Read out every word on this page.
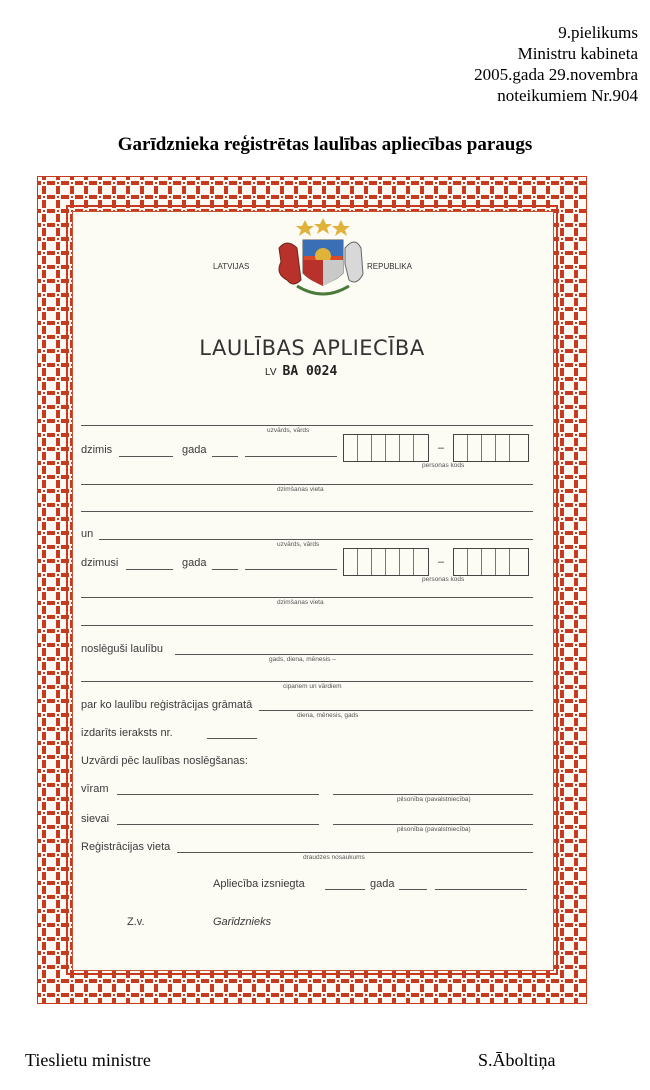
9.pielikums
Ministru kabineta
2005.gada 29.novembra
noteikumiem Nr.904
Garīdznieka reģistrētas laulības apliecības paraugs
LATVIJAS	REPUBLIKA
LAULĪBAS APLIECĪBA
LV BA 0024
uzvārds, vārds
dzimis	gada	–
personas kods
dzimšanas vieta
un
uzvārds, vārds
dzimusi	gada	–
personas kods
dzimšanas vieta
noslēguši laulību
gads, diena, mēnesis –
cipariem un vārdiem
par ko laulību reģistrācijas grāmatā
diena, mēnesis, gads
izdarīts ieraksts nr.
Uzvārdi pēc laulības noslēgšanas:
vīram
pilsonība (pavalstniecība)
sievai
pilsonība (pavalstniecība)
Reģistrācijas vieta
draudzes nosaukums
Apliecība izsniegta	gada
Z.v.	Garīdznieks
Tieslietu ministre	S.Āboltiņa
